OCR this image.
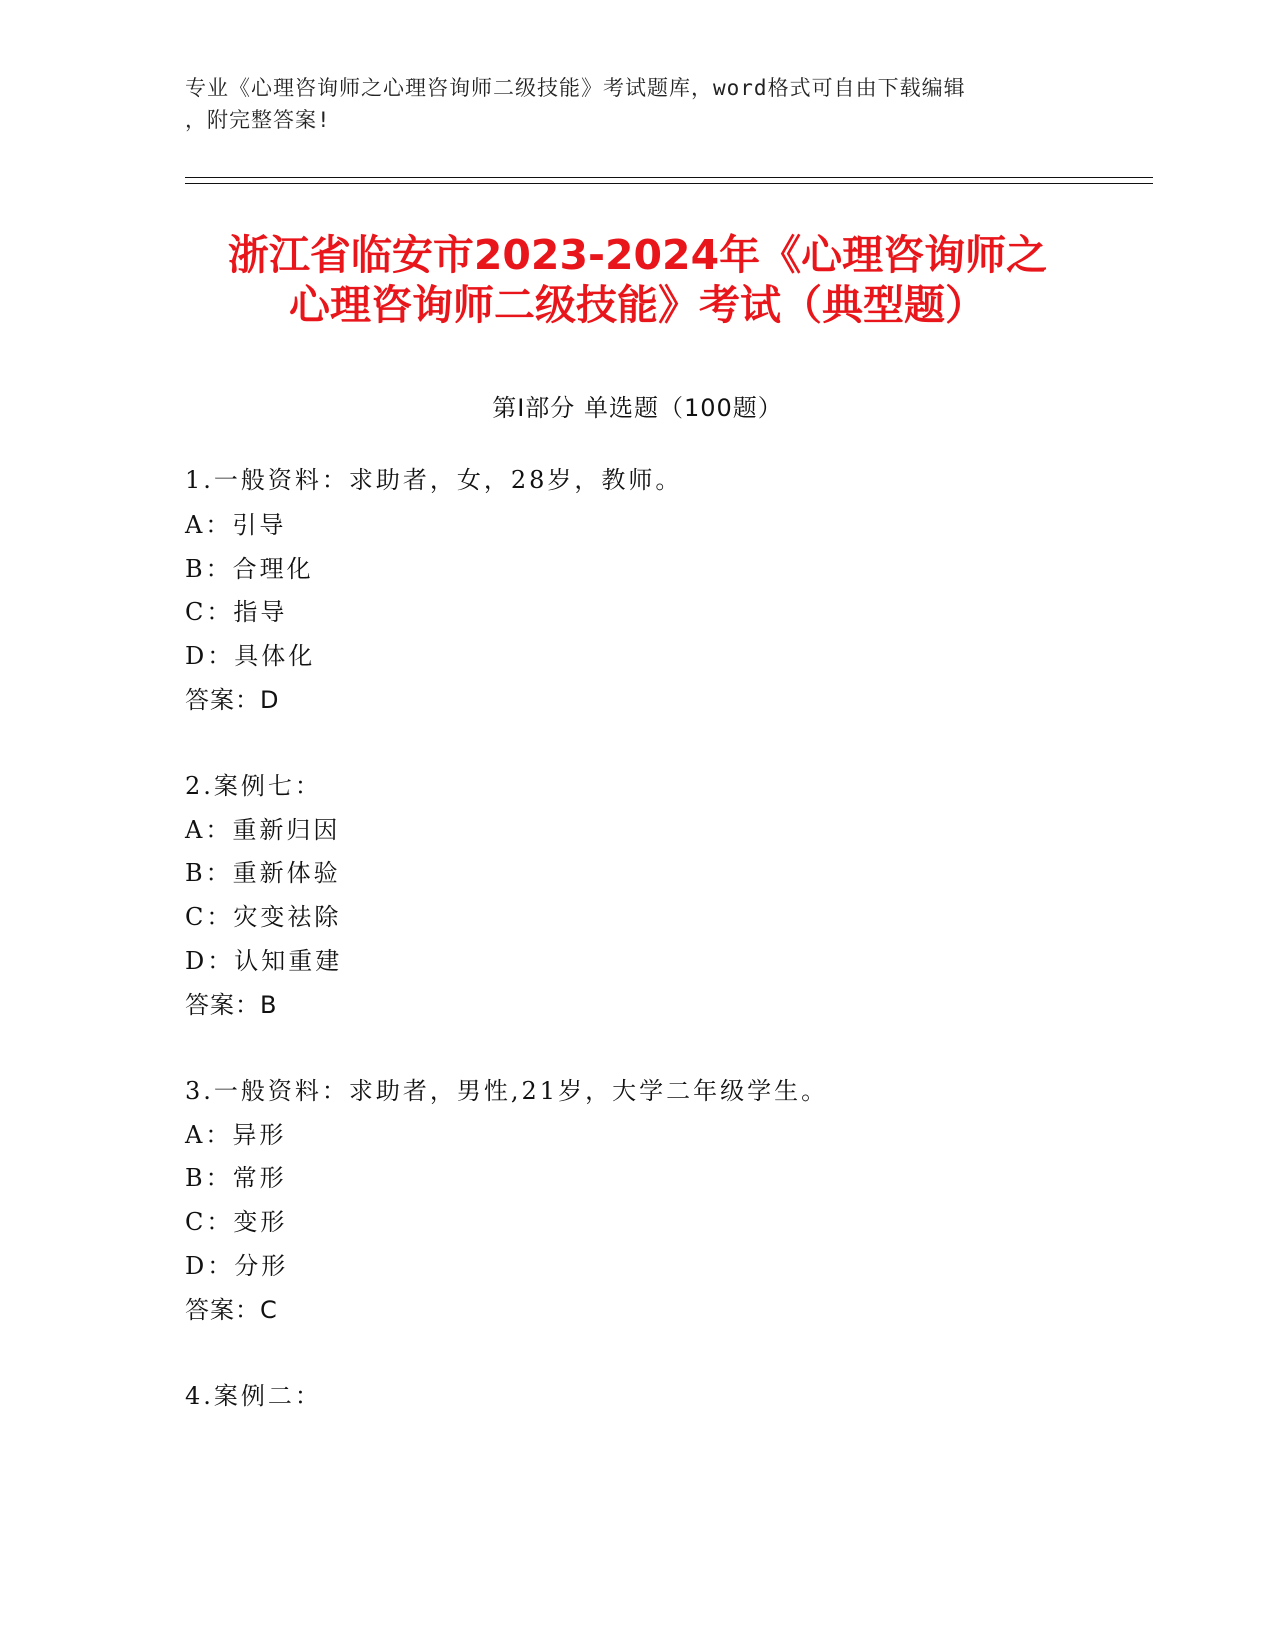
专业《心理咨询师之心理咨询师二级技能》考试题库，word格式可自由下载编辑
，附完整答案!
浙江省临安市2023-2024年《心理咨询师之
心理咨询师二级技能》考试（典型题）
第Ⅰ部分 单选题（100题）
1.一般资料：求助者，女，28岁，教师。
A：引导
B：合理化
C：指导
D：具体化
答案：D
2.案例七：
A：重新归因
B：重新体验
C：灾变祛除
D：认知重建
答案：B
3.一般资料：求助者，男性,21岁，大学二年级学生。
A：异形
B：常形
C：变形
D：分形
答案：C
4.案例二：
